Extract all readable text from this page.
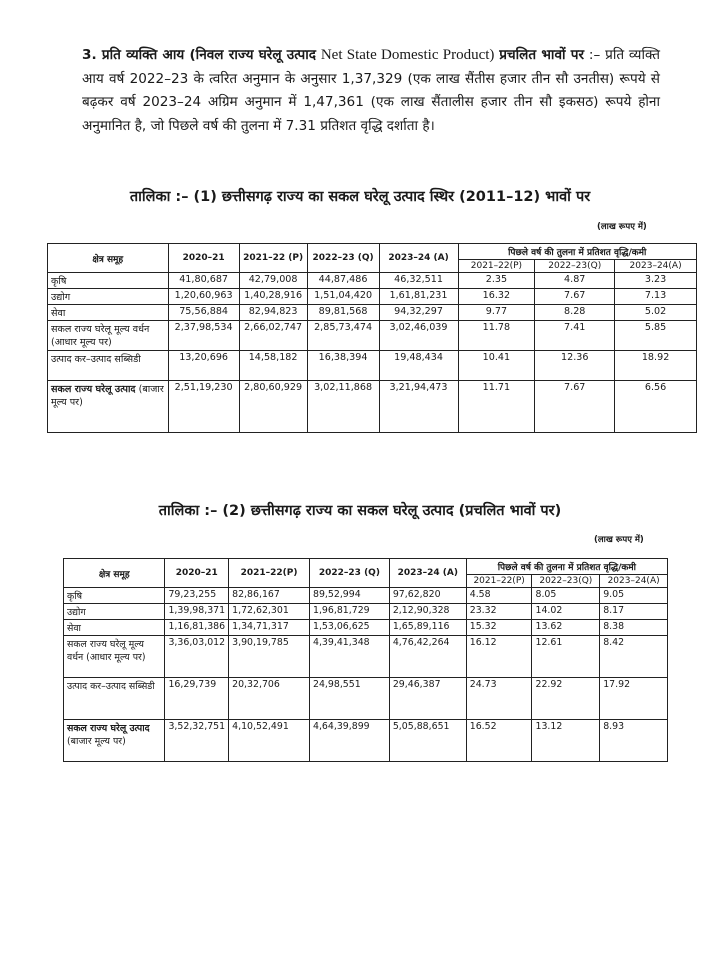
3. प्रति व्यक्ति आय (निवल राज्य घरेलू उत्पाद Net State Domestic Product) प्रचलित भावों पर :– प्रति व्यक्ति आय वर्ष 2022–23 के त्वरित अनुमान के अनुसार 1,37,329 (एक लाख सैंतीस हजार तीन सौ उनतीस) रूपये से बढ़कर वर्ष 2023–24 अग्रिम अनुमान में 1,47,361 (एक लाख सैंतालीस हजार तीन सौ इकसठ) रूपये होना अनुमानित है, जो पिछले वर्ष की तुलना में 7.31 प्रतिशत वृद्धि दर्शाता है।
तालिका :– (1) छत्तीसगढ़ राज्य का सकल घरेलू उत्पाद स्थिर (2011–12) भावों पर
(लाख रूपए में)
क्षेत्र समूह	2020–21	2021–22 (P)	2022–23 (Q)	2023–24 (A)	पिछले वर्ष की तुलना में प्रतिशत वृद्धि/कमी		
					2021–22(P)	2022–23(Q)	2023–24(A)
कृषि	41,80,687	42,79,008	44,87,486	46,32,511	2.35	4.87	3.23
उद्योग	1,20,60,963	1,40,28,916	1,51,04,420	1,61,81,231	16.32	7.67	7.13
सेवा	75,56,884	82,94,823	89,81,568	94,32,297	9.77	8.28	5.02
सकल राज्य घरेलू मूल्य वर्धन (आधार मूल्य पर)	2,37,98,534	2,66,02,747	2,85,73,474	3,02,46,039	11.78	7.41	5.85
उत्पाद कर–उत्पाद सब्सिडी	13,20,696	14,58,182	16,38,394	19,48,434	10.41	12.36	18.92
सकल राज्य घरेलू उत्पाद (बाजार मूल्य पर)	2,51,19,230	2,80,60,929	3,02,11,868	3,21,94,473	11.71	7.67	6.56
तालिका :– (2) छत्तीसगढ़ राज्य का सकल घरेलू उत्पाद (प्रचलित भावों पर)
(लाख रूपए में)
क्षेत्र समूह	2020–21	2021–22(P)	2022–23 (Q)	2023–24 (A)	पिछले वर्ष की तुलना में प्रतिशत वृद्धि/कमी		
					2021–22(P)	2022–23(Q)	2023–24(A)
कृषि	79,23,255	82,86,167	89,52,994	97,62,820	4.58	8.05	9.05
उद्योग	1,39,98,371	1,72,62,301	1,96,81,729	2,12,90,328	23.32	14.02	8.17
सेवा	1,16,81,386	1,34,71,317	1,53,06,625	1,65,89,116	15.32	13.62	8.38
सकल राज्य घरेलू मूल्य वर्धन (आधार मूल्य पर)	3,36,03,012	3,90,19,785	4,39,41,348	4,76,42,264	16.12	12.61	8.42
उत्पाद कर–उत्पाद सब्सिडी	16,29,739	20,32,706	24,98,551	29,46,387	24.73	22.92	17.92
सकल राज्य घरेलू उत्पाद (बाजार मूल्य पर)	3,52,32,751	4,10,52,491	4,64,39,899	5,05,88,651	16.52	13.12	8.93
